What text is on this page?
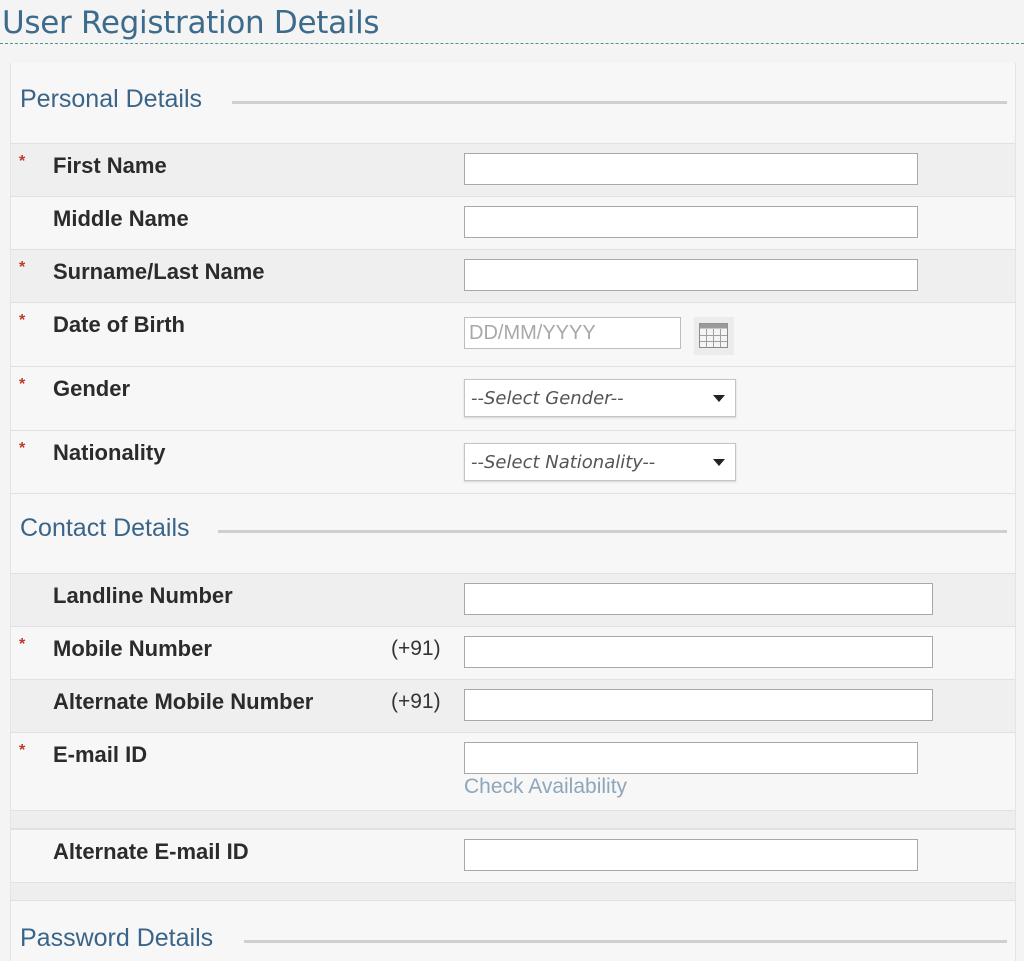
User Registration Details
Personal Details
* First Name
Middle Name
* Surname/Last Name
* Date of Birth	DD/MM/YYYY
* Gender	--Select Gender--
* Nationality	--Select Nationality--
Contact Details
Landline Number
* Mobile Number	(+91)
Alternate Mobile Number	(+91)
* E-mail ID
Check Availability
Alternate E-mail ID
Password Details
